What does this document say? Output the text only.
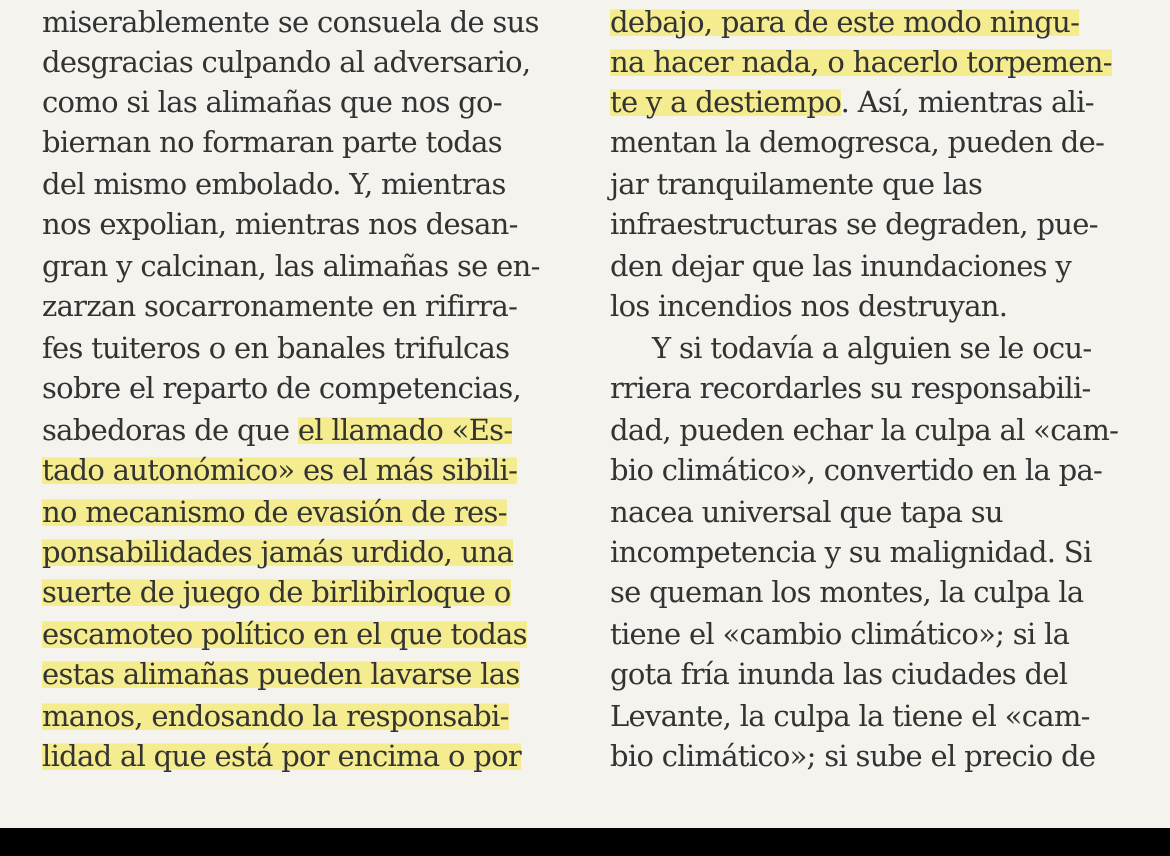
miserablemente se consuela de sus
desgracias culpando al adversario,
como si las alimañas que nos go-
biernan no formaran parte todas
del mismo embolado. Y, mientras
nos expolian, mientras nos desan-
gran y calcinan, las alimañas se en-
zarzan socarronamente en rifirra-
fes tuiteros o en banales trifulcas
sobre el reparto de competencias,
sabedoras de que el llamado «Es-
tado autonómico» es el más sibili-
no mecanismo de evasión de res-
ponsabilidades jamás urdido, una
suerte de juego de birlibirloque o
escamoteo político en el que todas
estas alimañas pueden lavarse las
manos, endosando la responsabi-
lidad al que está por encima o por
debajo, para de este modo ningu-
na hacer nada, o hacerlo torpemen-
te y a destiempo. Así, mientras ali-
mentan la demogresca, pueden de-
jar tranquilamente que las
infraestructuras se degraden, pue-
den dejar que las inundaciones y
los incendios nos destruyan.
Y si todavía a alguien se le ocu-
rriera recordarles su responsabili-
dad, pueden echar la culpa al «cam-
bio climático», convertido en la pa-
nacea universal que tapa su
incompetencia y su malignidad. Si
se queman los montes, la culpa la
tiene el «cambio climático»; si la
gota fría inunda las ciudades del
Levante, la culpa la tiene el «cam-
bio climático»; si sube el precio de
